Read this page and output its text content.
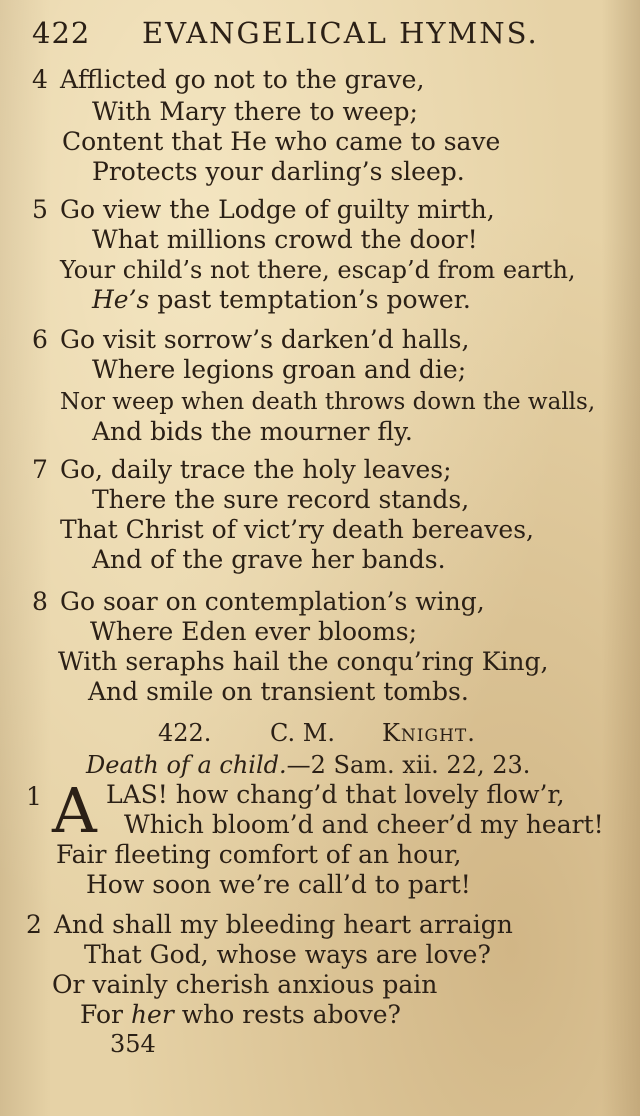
422 EVANGELICAL HYMNS.
4 Afflicted go not to the grave,
With Mary there to weep;
Content that He who came to save
Protects your darling’s sleep.
5 Go view the Lodge of guilty mirth,
What millions crowd the door!
Your child’s not there, escap’d from earth,
He’s past temptation’s power.
6 Go visit sorrow’s darken’d halls,
Where legions groan and die;
Nor weep when death throws down the walls,
And bids the mourner fly.
7 Go, daily trace the holy leaves;
There the sure record stands,
That Christ of vict’ry death bereaves,
And of the grave her bands.
8 Go soar on contemplation’s wing,
Where Eden ever blooms;
With seraphs hail the conqu’ring King,
And smile on transient tombs.
422. C. M. Knight.
Death of a child.—2 Sam. xii. 22, 23.
1 A LAS! how chang’d that lovely flow’r,
Which bloom’d and cheer’d my heart!
Fair fleeting comfort of an hour,
How soon we’re call’d to part!
2 And shall my bleeding heart arraign
That God, whose ways are love?
Or vainly cherish anxious pain
For her who rests above?
354
